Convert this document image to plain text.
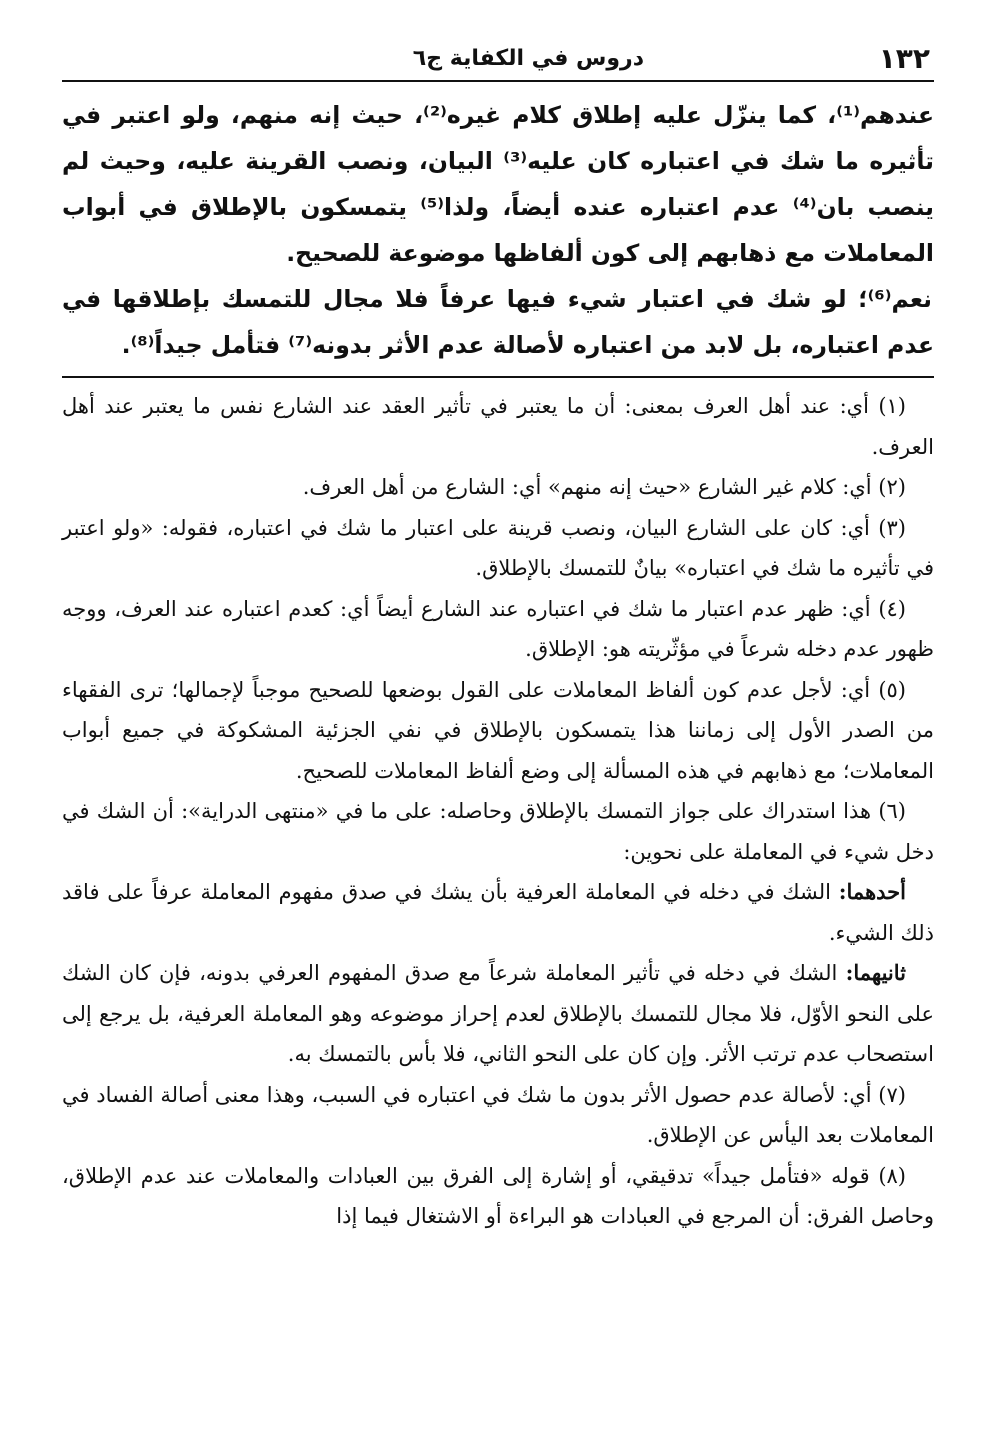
١٣٢
دروس في الكفاية ج٦

عندهم⁽¹⁾، كما ينزّل عليه إطلاق كلام غيره⁽²⁾، حيث إنه منهم، ولو اعتبر في تأثيره ما شك في اعتباره كان عليه⁽³⁾ البيان، ونصب القرينة عليه، وحيث لم ينصب بان⁽⁴⁾ عدم اعتباره عنده أيضاً، ولذا⁽⁵⁾ يتمسكون بالإطلاق في أبواب المعاملات مع ذهابهم إلى كون ألفاظها موضوعة للصحيح.

نعم⁽⁶⁾؛ لو شك في اعتبار شيء فيها عرفاً فلا مجال للتمسك بإطلاقها في عدم اعتباره، بل لابد من اعتباره لأصالة عدم الأثر بدونه⁽⁷⁾ فتأمل جيداً⁽⁸⁾.

(١) أي: عند أهل العرف بمعنى: أن ما يعتبر في تأثير العقد عند الشارع نفس ما يعتبر عند أهل العرف.

(٢) أي: كلام غير الشارع «حيث إنه منهم» أي: الشارع من أهل العرف.

(٣) أي: كان على الشارع البيان، ونصب قرينة على اعتبار ما شك في اعتباره، فقوله: «ولو اعتبر في تأثيره ما شك في اعتباره» بيانٌ للتمسك بالإطلاق.

(٤) أي: ظهر عدم اعتبار ما شك في اعتباره عند الشارع أيضاً أي: كعدم اعتباره عند العرف، ووجه ظهور عدم دخله شرعاً في مؤثّريته هو: الإطلاق.

(٥) أي: لأجل عدم كون ألفاظ المعاملات على القول بوضعها للصحيح موجباً لإجمالها؛ ترى الفقهاء من الصدر الأول إلى زماننا هذا يتمسكون بالإطلاق في نفي الجزئية المشكوكة في جميع أبواب المعاملات؛ مع ذهابهم في هذه المسألة إلى وضع ألفاظ المعاملات للصحيح.

(٦) هذا استدراك على جواز التمسك بالإطلاق وحاصله: على ما في «منتهى الدراية»: أن الشك في دخل شيء في المعاملة على نحوين:

أحدهما: الشك في دخله في المعاملة العرفية بأن يشك في صدق مفهوم المعاملة عرفاً على فاقد ذلك الشيء.

ثانيهما: الشك في دخله في تأثير المعاملة شرعاً مع صدق المفهوم العرفي بدونه، فإن كان الشك على النحو الأوّل، فلا مجال للتمسك بالإطلاق لعدم إحراز موضوعه وهو المعاملة العرفية، بل يرجع إلى استصحاب عدم ترتب الأثر. وإن كان على النحو الثاني، فلا بأس بالتمسك به.

(٧) أي: لأصالة عدم حصول الأثر بدون ما شك في اعتباره في السبب، وهذا معنى أصالة الفساد في المعاملات بعد اليأس عن الإطلاق.

(٨) قوله «فتأمل جيداً» تدقيقي، أو إشارة إلى الفرق بين العبادات والمعاملات عند عدم الإطلاق، وحاصل الفرق: أن المرجع في العبادات هو البراءة أو الاشتغال فيما إذا
